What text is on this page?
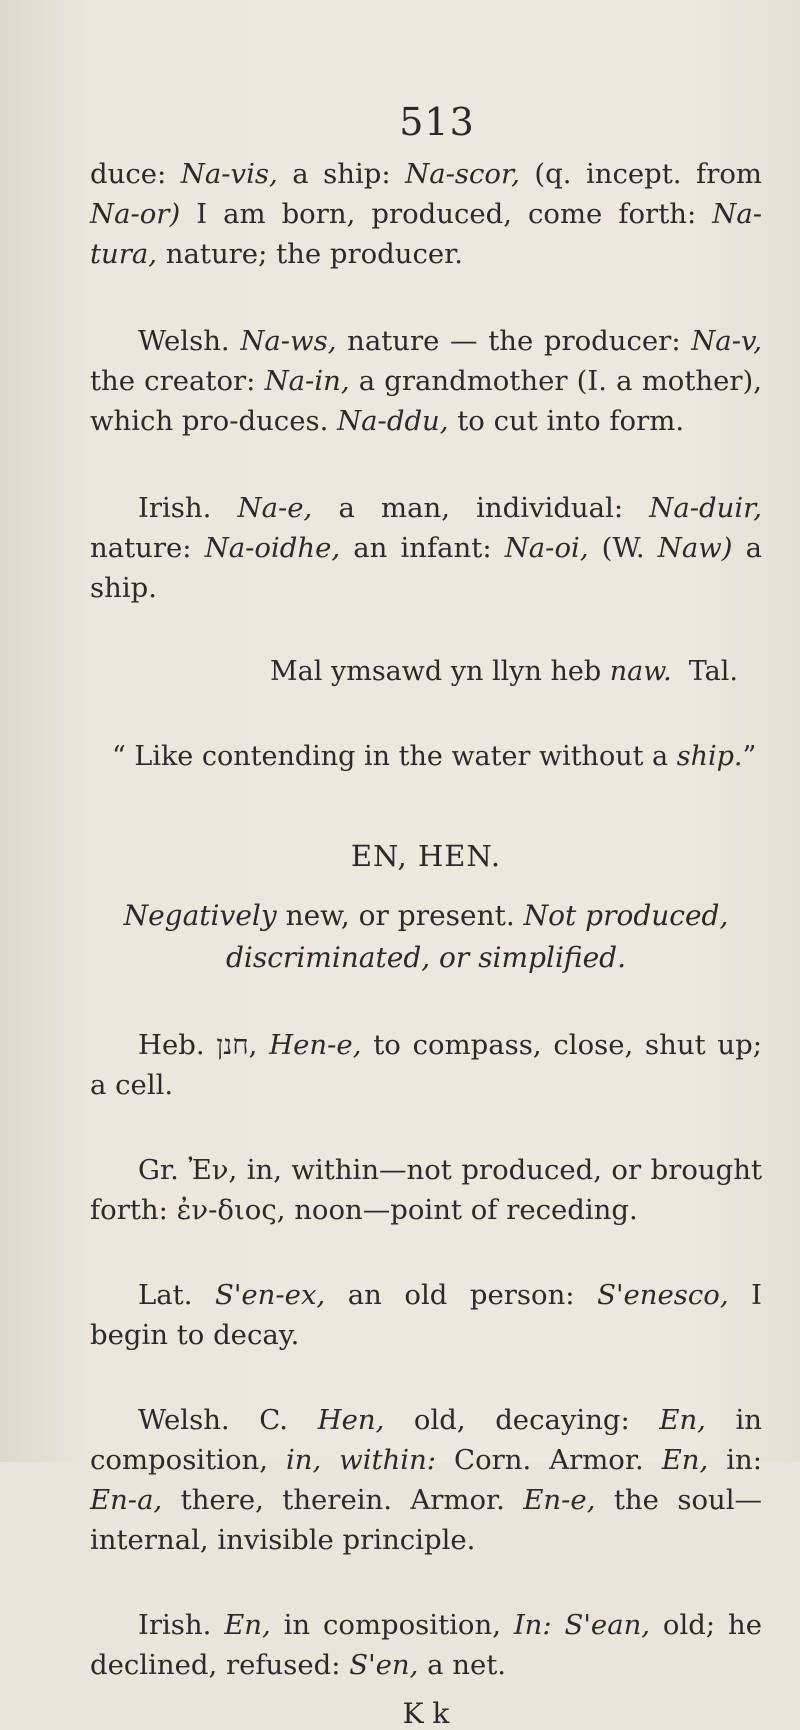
513

duce: Na-vis, a ship: Na-scor, (q. incept. from Na-or) I am born, produced, come forth: Na-tura, nature; the producer.

Welsh. Na-ws, nature — the producer: Na-v, the creator: Na-in, a grandmother (I. a mother), which pro-duces. Na-ddu, to cut into form.

Irish. Na-e, a man, individual: Na-duir, nature: Na-oidhe, an infant: Na-oi, (W. Naw) a ship.

Mal ymsawd yn llyn heb naw. Tal.
“ Like contending in the water without a ship.”
EN, HEN.
Negatively new, or present. Not produced, discriminated, or simplified.

Heb. חנן, Hen-e, to compass, close, shut up; a cell.

Gr. Ἐν, in, within—not produced, or brought forth: ἐν-διος, noon—point of receding.

Lat. S'en-ex, an old person: S'enesco, I begin to decay.

Welsh. C. Hen, old, decaying: En, in composition, in, within: Corn. Armor. En, in: En-a, there, therein. Armor. En-e, the soul—internal, invisible principle.

Irish. En, in composition, In: S'ean, old; he declined, refused: S'en, a net.

K k
